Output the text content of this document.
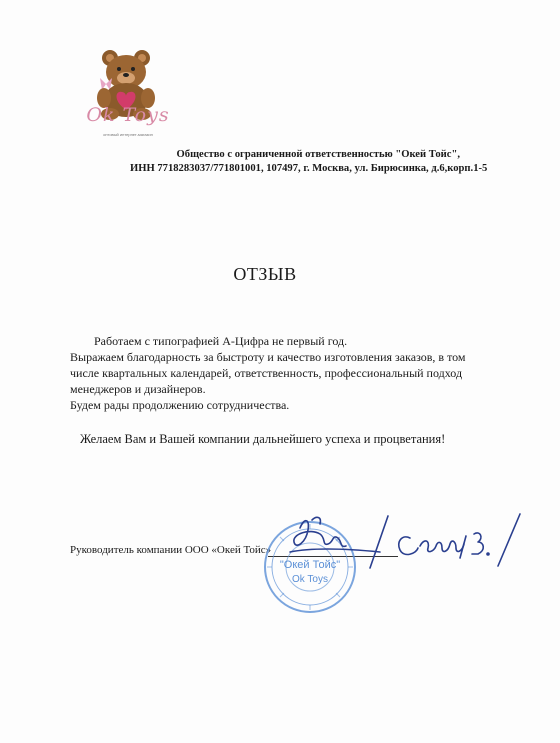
Ok Toys
оптовый интернет-магазин
Общество с ограниченной ответственностью "Окей Тойс",
ИНН 7718283037/771801001, 107497, г. Москва, ул. Бирюсинка, д.6,корп.1-5
ОТЗЫВ
Работаем с типографией А-Цифра не первый год.
Выражаем благодарность за быстроту и качество изготовления заказов, в том
числе квартальных календарей, ответственность, профессиональный подход
менеджеров и дизайнеров.
Будем рады продолжению сотрудничества.
Желаем Вам и Вашей компании дальнейшего успеха и процветания!
Руководитель компании ООО «Окей Тойс»
"Окей Тойс"
Ok Toys
